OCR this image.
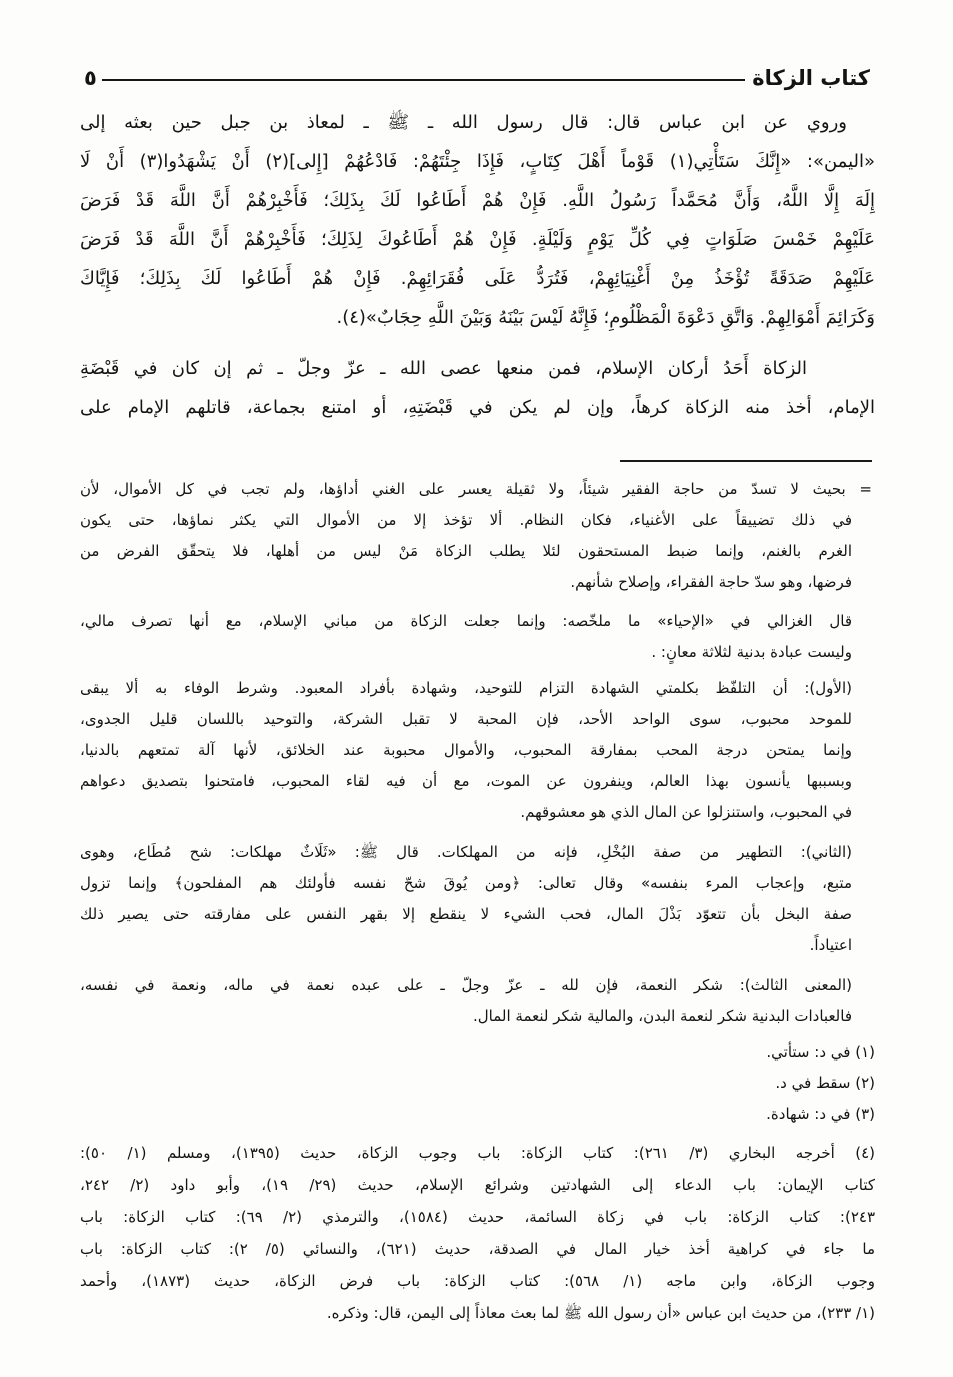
كتاب الزكاة
٥
وروي عن ابن عباس قال: قال رسول الله ـ ﷺ ـ لمعاذ بن جبل حين بعثه إلى
«اليمن»: «إِنَّكَ سَتَأْتِي(١) قَوْماً أَهْلَ كِتَابٍ، فَإِذَا جِئْتَهُمْ: فَادْعُهُمْ [إِلى](٢) أَنْ يَشْهَدُوا(٣) أَنْ لَا
إِلَهَ إِلَّا اللَّهُ، وَأَنَّ مُحَمَّداً رَسُولُ اللَّهِ. فَإِنْ هُمْ أَطَاعُوا لَكَ بِذَلِكَ؛ فَأَخْبِرْهُمْ أَنَّ اللَّهَ قَدْ فَرَضَ
عَلَيْهِمْ خَمْسَ صَلَوَاتٍ فِي كُلِّ يَوْمٍ وَلَيْلَةٍ. فَإِنْ هُمْ أَطَاعُوكَ لِذَلِكَ؛ فَأَخْبِرْهُمْ أَنَّ اللَّهَ قَدْ فَرَضَ
عَلَيْهِمْ صَدَقَةً تُؤْخَذُ مِنْ أَغْنِيَائِهِمْ، فَتُرَدُّ عَلَى فُقَرَائِهِمْ. فَإِنْ هُمْ أَطَاعُوا لَكَ بِذَلِكَ؛ فَإِيَّاكَ
وَكَرَائِمَ أَمْوَالِهِمْ. وَاتَّقِ دَعْوَةَ الْمَظْلُومِ؛ فَإِنَّهُ لَيْسَ بَيْنَهُ وَبَيْنَ اللَّهِ حِجَابٌ»(٤).
الزكاة أَحَدُ أركان الإسلام، فمن منعها عصى الله ـ عزّ وجلّ ـ ثم إن كان في قَبْضَةِ
الإمام، أخذ منه الزكاة كرهاً، وإن لم يكن في قَبْضَتِهِ، أو امتنع بجماعة، قاتلهم الإمام على
= بحيث لا تسدّ من حاجة الفقير شيئاً، ولا ثقيلة يعسر على الغني أداؤها، ولم تجب في كل الأموال، لأن
في ذلك تضييقاً على الأغنياء، فكان النظام. ألا تؤخذ إلا من الأموال التي يكثر نماؤها، حتى يكون
الغرم بالغنم، وإنما ضبط المستحقون لئلا يطلب الزكاة مَنْ ليس من أهلها، فلا يتحقّق الفرض من
فرضها، وهو سدّ حاجة الفقراء، وإصلاح شأنهم.
قال الغزالي في «الإحياء» ما ملخّصه: وإنما جعلت الزكاة من مباني الإسلام، مع أنها تصرف مالي،
وليست عبادة بدنية لثلاثة معانٍ: .
(الأول): أن التلفّظ بكلمتي الشهادة التزام للتوحيد، وشهادة بأفراد المعبود. وشرط الوفاء به ألا يبقى
للموحد محبوب، سوى الواحد الأحد، فإن المحبة لا تقبل الشركة، والتوحيد باللسان قليل الجدوى،
وإنما يمتحن درجة المحب بمفارقة المحبوب، والأموال محبوبة عند الخلائق، لأنها آلة تمتعهم بالدنيا،
وبسببها يأنسون بهذا العالم، وينفرون عن الموت، مع أن فيه لقاء المحبوب، فامتحنوا بتصديق دعواهم
في المحبوب، واستنزلوا عن المال الذي هو معشوقهم.
(الثاني): التطهير من صفة البُخْلِ، فإنه من المهلكات. قال ﷺ: «ثَلَاثٌ مهلكات: شح مُطَاع، وهوى
متبع، وإعجاب المرء بنفسه» وقال تعالى: ﴿ومن يُوقَ شحّ نفسه فأولئك هم المفلحون﴾ وإنما تزول
صفة البخل بأن تتعوّد بَذْلَ المال، فحب الشيء لا ينقطع إلا بقهر النفس على مفارقته حتى يصير ذلك
اعتياداً.
(المعنى الثالث): شكر النعمة، فإن لله ـ عزّ وجلّ ـ على عبده نعمة في ماله، ونعمة في نفسه،
فالعبادات البدنية شكر لنعمة البدن، والمالية شكر لنعمة المال.
(١) في د: ستأتي.
(٢) سقط في د.
(٣) في د: شهادة.
(٤) أخرجه البخاري (٣/ ٢٦١): كتاب الزكاة: باب وجوب الزكاة، حديث (١٣٩٥)، ومسلم (١/ ٥٠):
كتاب الإيمان: باب الدعاء إلى الشهادتين وشرائع الإسلام، حديث (٢٩/ ١٩)، وأبو داود (٢/ ٢٤٢،
٢٤٣): كتاب الزكاة: باب في زكاة السائمة، حديث (١٥٨٤)، والترمذي (٢/ ٦٩): كتاب الزكاة: باب
ما جاء في كراهية أخذ خيار المال في الصدقة، حديث (٦٢١)، والنسائي (٥/ ٢): كتاب الزكاة: باب
وجوب الزكاة، وابن ماجه (١/ ٥٦٨): كتاب الزكاة: باب فرض الزكاة، حديث (١٨٧٣)، وأحمد
(١/ ٢٣٣)، من حديث ابن عباس «أن رسول الله ﷺ لما بعث معاذاً إلى اليمن، قال: وذكره.
